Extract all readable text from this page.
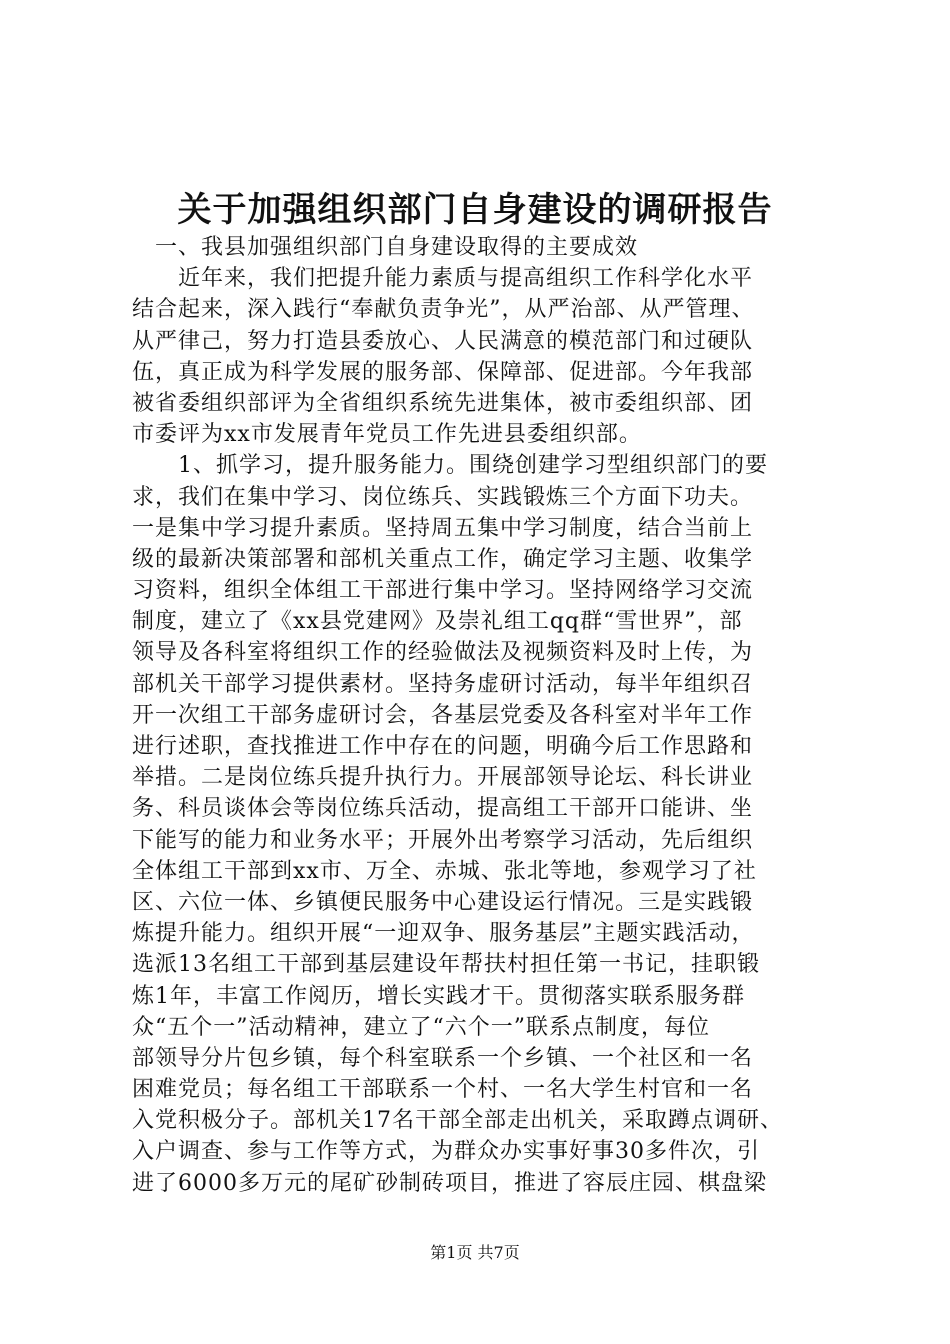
关于加强组织部门自身建设的调研报告
　一、我县加强组织部门自身建设取得的主要成效
　　近年来，我们把提升能力素质与提高组织工作科学化水平
结合起来，深入践行“奉献负责争光”，从严治部、从严管理、
从严律己，努力打造县委放心、人民满意的模范部门和过硬队
伍，真正成为科学发展的服务部、保障部、促进部。今年我部
被省委组织部评为全省组织系统先进集体，被市委组织部、团
市委评为xx市发展青年党员工作先进县委组织部。
　　1、抓学习，提升服务能力。围绕创建学习型组织部门的要
求，我们在集中学习、岗位练兵、实践锻炼三个方面下功夫。
一是集中学习提升素质。坚持周五集中学习制度，结合当前上
级的最新决策部署和部机关重点工作，确定学习主题、收集学
习资料，组织全体组工干部进行集中学习。坚持网络学习交流
制度，建立了《xx县党建网》及崇礼组工qq群“雪世界”，部
领导及各科室将组织工作的经验做法及视频资料及时上传，为
部机关干部学习提供素材。坚持务虚研讨活动，每半年组织召
开一次组工干部务虚研讨会，各基层党委及各科室对半年工作
进行述职，查找推进工作中存在的问题，明确今后工作思路和
举措。二是岗位练兵提升执行力。开展部领导论坛、科长讲业
务、科员谈体会等岗位练兵活动，提高组工干部开口能讲、坐
下能写的能力和业务水平；开展外出考察学习活动，先后组织
全体组工干部到xx市、万全、赤城、张北等地，参观学习了社
区、六位一体、乡镇便民服务中心建设运行情况。三是实践锻
炼提升能力。组织开展“一迎双争、服务基层”主题实践活动，
选派13名组工干部到基层建设年帮扶村担任第一书记，挂职锻
炼1年，丰富工作阅历，增长实践才干。贯彻落实联系服务群
众“五个一”活动精神，建立了“六个一”联系点制度，每位
部领导分片包乡镇，每个科室联系一个乡镇、一个社区和一名
困难党员；每名组工干部联系一个村、一名大学生村官和一名
入党积极分子。部机关17名干部全部走出机关，采取蹲点调研、
入户调查、参与工作等方式，为群众办实事好事30多件次，引
进了6000多万元的尾矿砂制砖项目，推进了容辰庄园、棋盘梁
第1页 共7页
